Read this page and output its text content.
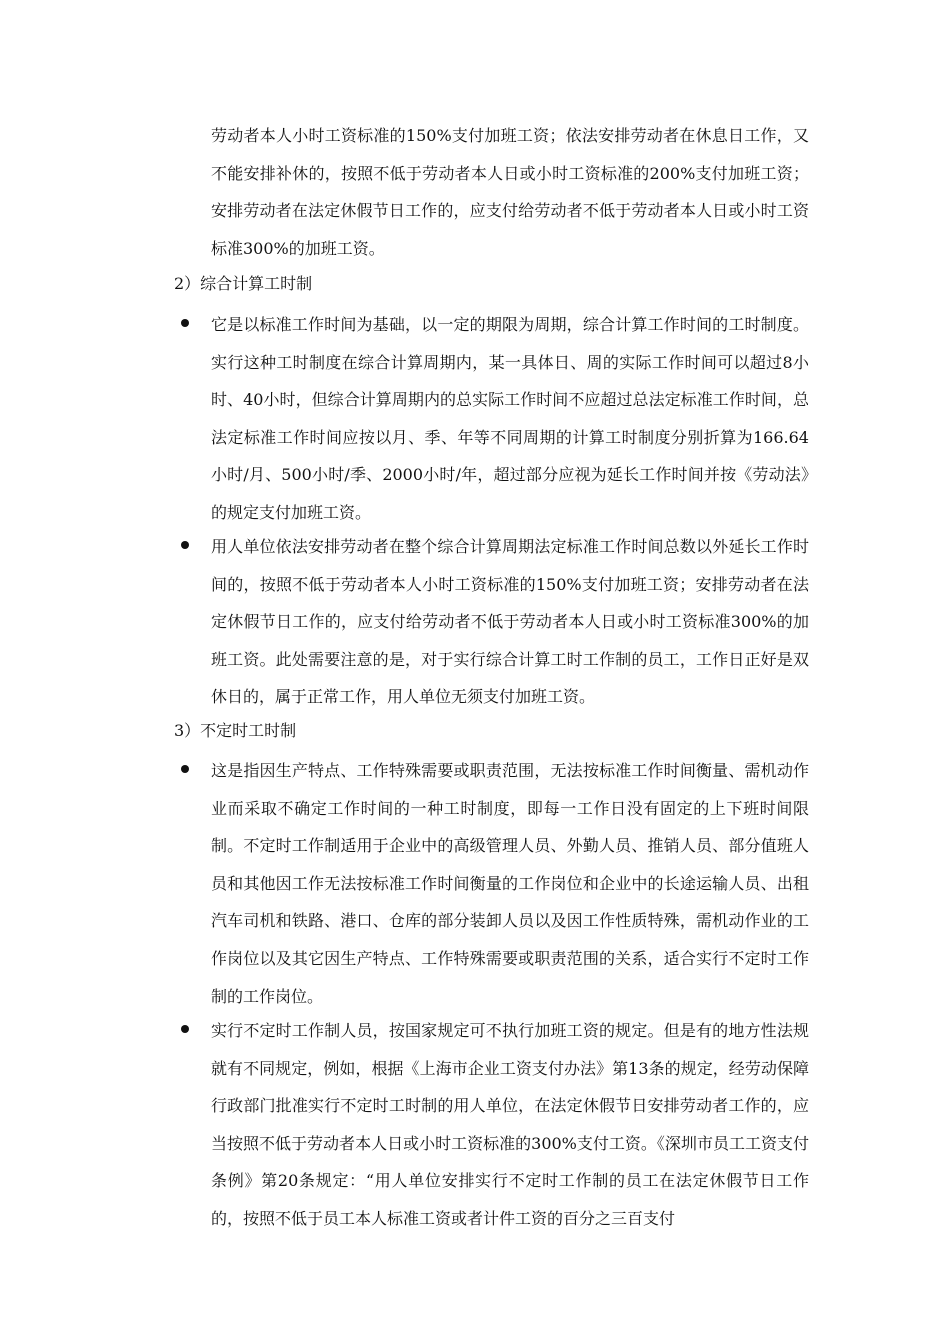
劳动者本人小时工资标准的150%支付加班工资；依法安排劳动者在休息日工作，又不能安排补休的，按照不低于劳动者本人日或小时工资标准的200%支付加班工资；安排劳动者在法定休假节日工作的，应支付给劳动者不低于劳动者本人日或小时工资标准300%的加班工资。
2）综合计算工时制
它是以标准工作时间为基础，以一定的期限为周期，综合计算工作时间的工时制度。实行这种工时制度在综合计算周期内，某一具体日、周的实际工作时间可以超过8小时、40小时，但综合计算周期内的总实际工作时间不应超过总法定标准工作时间，总法定标准工作时间应按以月、季、年等不同周期的计算工时制度分别折算为166.64小时/月、500小时/季、2000小时/年，超过部分应视为延长工作时间并按《劳动法》的规定支付加班工资。
用人单位依法安排劳动者在整个综合计算周期法定标准工作时间总数以外延长工作时间的，按照不低于劳动者本人小时工资标准的150%支付加班工资；安排劳动者在法定休假节日工作的，应支付给劳动者不低于劳动者本人日或小时工资标准300%的加班工资。此处需要注意的是，对于实行综合计算工时工作制的员工，工作日正好是双休日的，属于正常工作，用人单位无须支付加班工资。
3）不定时工时制
这是指因生产特点、工作特殊需要或职责范围，无法按标准工作时间衡量、需机动作业而采取不确定工作时间的一种工时制度，即每一工作日没有固定的上下班时间限制。不定时工作制适用于企业中的高级管理人员、外勤人员、推销人员、部分值班人员和其他因工作无法按标准工作时间衡量的工作岗位和企业中的长途运输人员、出租汽车司机和铁路、港口、仓库的部分装卸人员以及因工作性质特殊，需机动作业的工作岗位以及其它因生产特点、工作特殊需要或职责范围的关系，适合实行不定时工作制的工作岗位。
实行不定时工作制人员，按国家规定可不执行加班工资的规定。但是有的地方性法规就有不同规定，例如，根据《上海市企业工资支付办法》第13条的规定，经劳动保障行政部门批准实行不定时工时制的用人单位，在法定休假节日安排劳动者工作的，应当按照不低于劳动者本人日或小时工资标准的300%支付工资。《深圳市员工工资支付条例》第20条规定：“用人单位安排实行不定时工作制的员工在法定休假节日工作的，按照不低于员工本人标准工资或者计件工资的百分之三百支付
